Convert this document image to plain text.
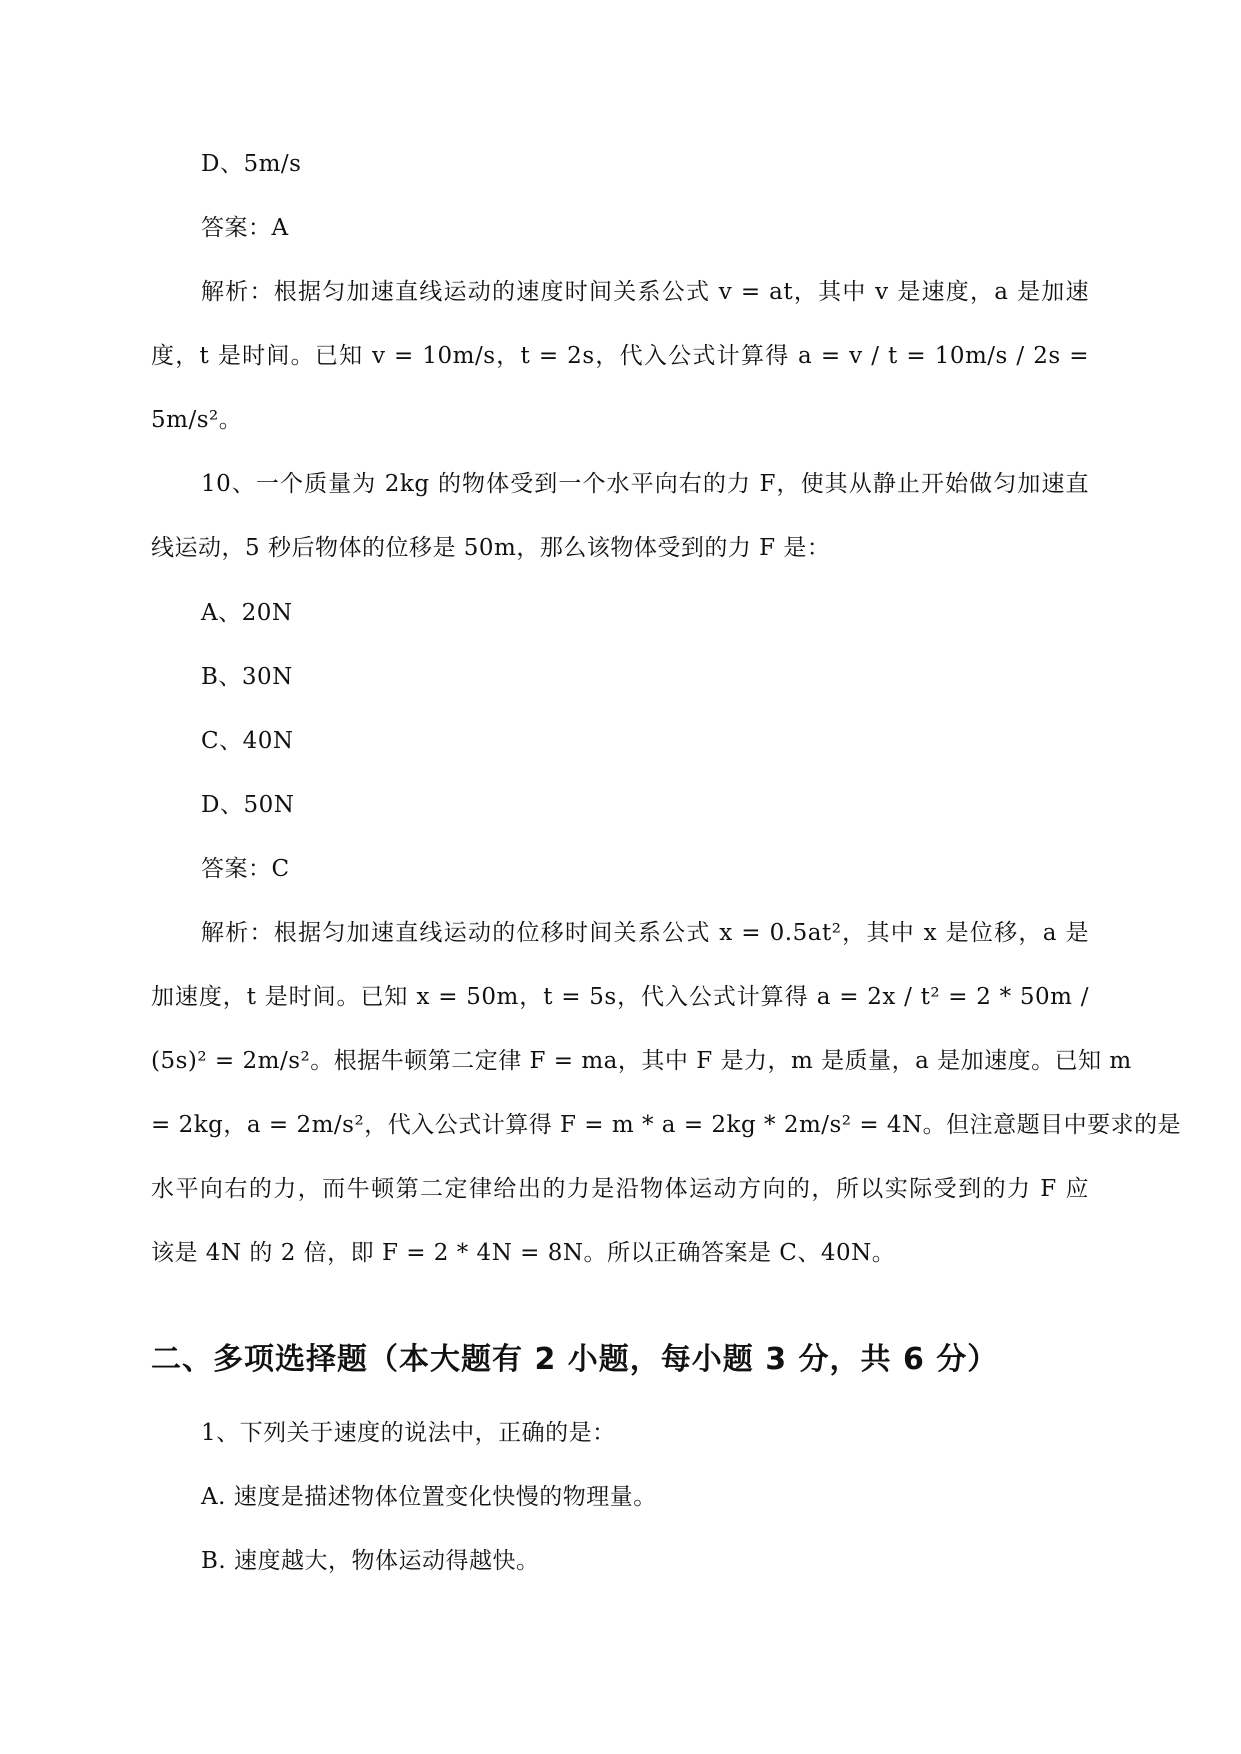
D、5m/s
答案：A
解析：根据匀加速直线运动的速度时间关系公式 v = at，其中 v 是速度，a 是加速
度，t 是时间。已知 v = 10m/s，t = 2s，代入公式计算得 a = v / t = 10m/s / 2s =
5m/s²。
10、一个质量为 2kg 的物体受到一个水平向右的力 F，使其从静止开始做匀加速直
线运动，5 秒后物体的位移是 50m，那么该物体受到的力 F 是：
A、20N
B、30N
C、40N
D、50N
答案：C
解析：根据匀加速直线运动的位移时间关系公式 x = 0.5at²，其中 x 是位移，a 是
加速度，t 是时间。已知 x = 50m，t = 5s，代入公式计算得 a = 2x / t² = 2 * 50m /
(5s)² = 2m/s²。根据牛顿第二定律 F = ma，其中 F 是力，m 是质量，a 是加速度。已知 m
= 2kg，a = 2m/s²，代入公式计算得 F = m * a = 2kg * 2m/s² = 4N。但注意题目中要求的是
水平向右的力，而牛顿第二定律给出的力是沿物体运动方向的，所以实际受到的力 F 应
该是 4N 的 2 倍，即 F = 2 * 4N = 8N。所以正确答案是 C、40N。
二、多项选择题（本大题有 2 小题，每小题 3 分，共 6 分）
1、下列关于速度的说法中，正确的是：
A. 速度是描述物体位置变化快慢的物理量。
B. 速度越大，物体运动得越快。
